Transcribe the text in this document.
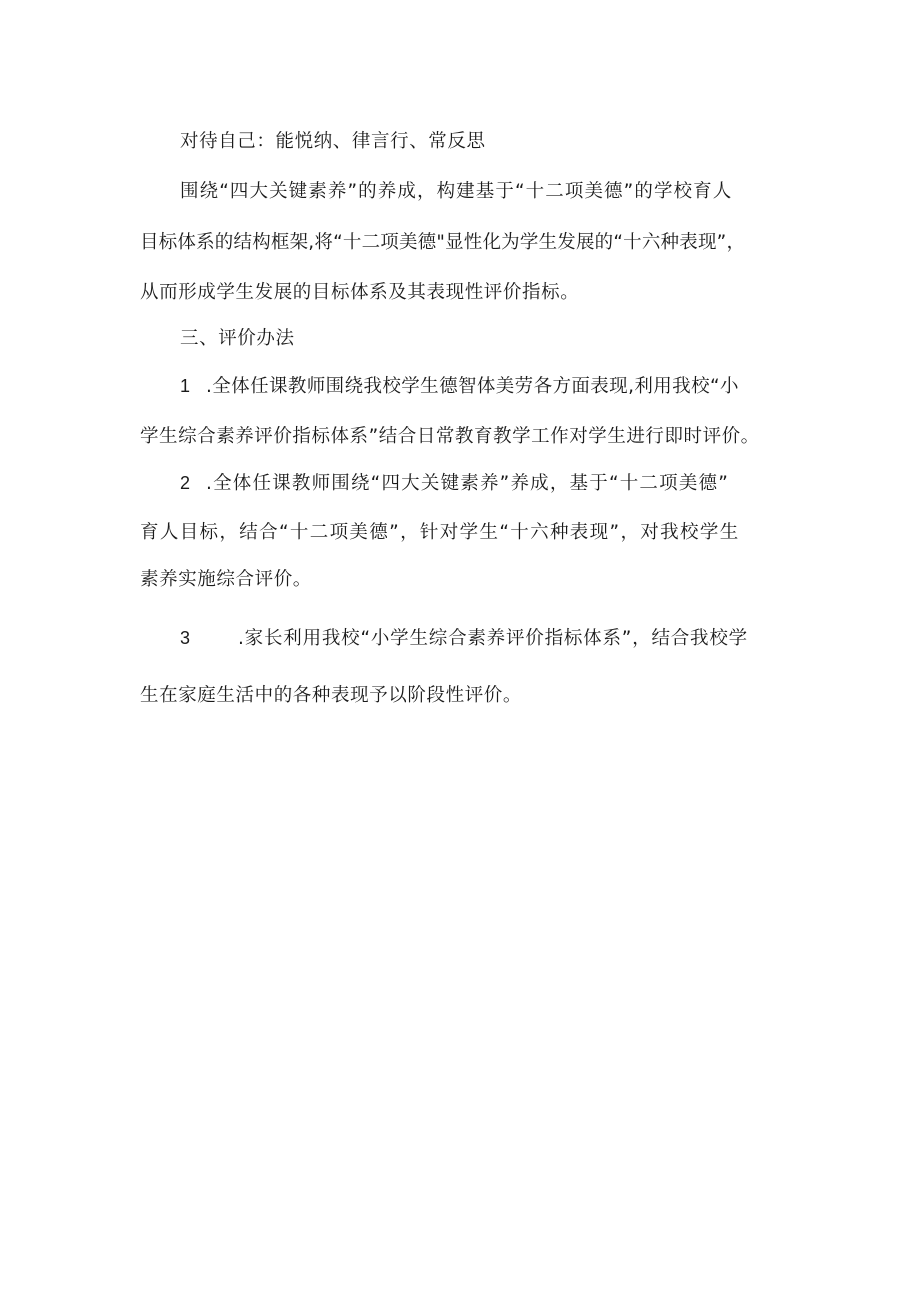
对待自己：能悦纳、律言行、常反思
围绕“四大关键素养”的养成，构建基于“十二项美德”的学校育人
目标体系的结构框架,将“十二项美德"显性化为学生发展的“十六种表现”，
从而形成学生发展的目标体系及其表现性评价指标。
三、评价办法
1 .全体任课教师围绕我校学生德智体美劳各方面表现,利用我校“小
学生综合素养评价指标体系”结合日常教育教学工作对学生进行即时评价。
2 .全体任课教师围绕“四大关键素养”养成，基于“十二项美德”
育人目标，结合“十二项美德”，针对学生“十六种表现”，对我校学生
素养实施综合评价。
3	.家长利用我校“小学生综合素养评价指标体系”，结合我校学
生在家庭生活中的各种表现予以阶段性评价。
